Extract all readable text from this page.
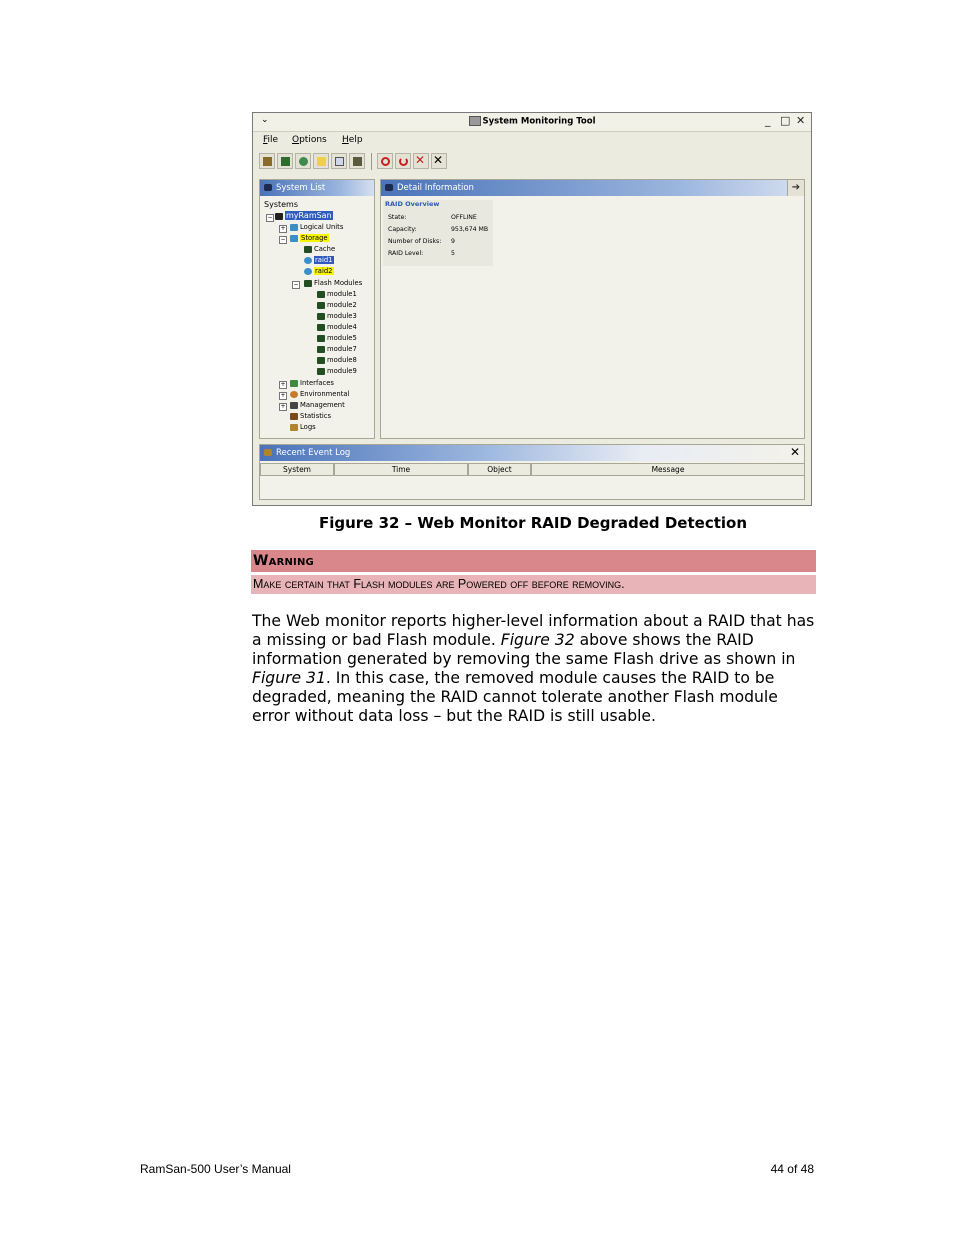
⌄	System Monitoring Tool	_ □ ✕
File Options Help
✕ ✕
System List
Systems
−	myRamSan
+	Logical Units
−	Storage
Cache
raid1
raid2
−	Flash Modules
module1
module2
module3
module4
module5
module7
module8
module9
+	Interfaces
+	Environmental
+	Management
Statistics
Logs
Detail Information	➔
RAID Overview
State:	OFFLINE
Capacity:	953,674 MB
Number of Disks: 9
RAID Level:	5
Recent Event Log	✕
System	Time	Object	Message
Figure 32 – Web Monitor RAID Degraded Detection
Warning
Make certain that Flash modules are Powered off before removing.

The Web monitor reports higher-level information about a RAID that has a missing or bad Flash module. Figure 32 above shows the RAID information generated by removing the same Flash drive as shown in Figure 31. In this case, the removed module causes the RAID to be degraded, meaning the RAID cannot tolerate another Flash module error without data loss – but the RAID is still usable.

RamSan-500 User’s Manual	44 of 48
